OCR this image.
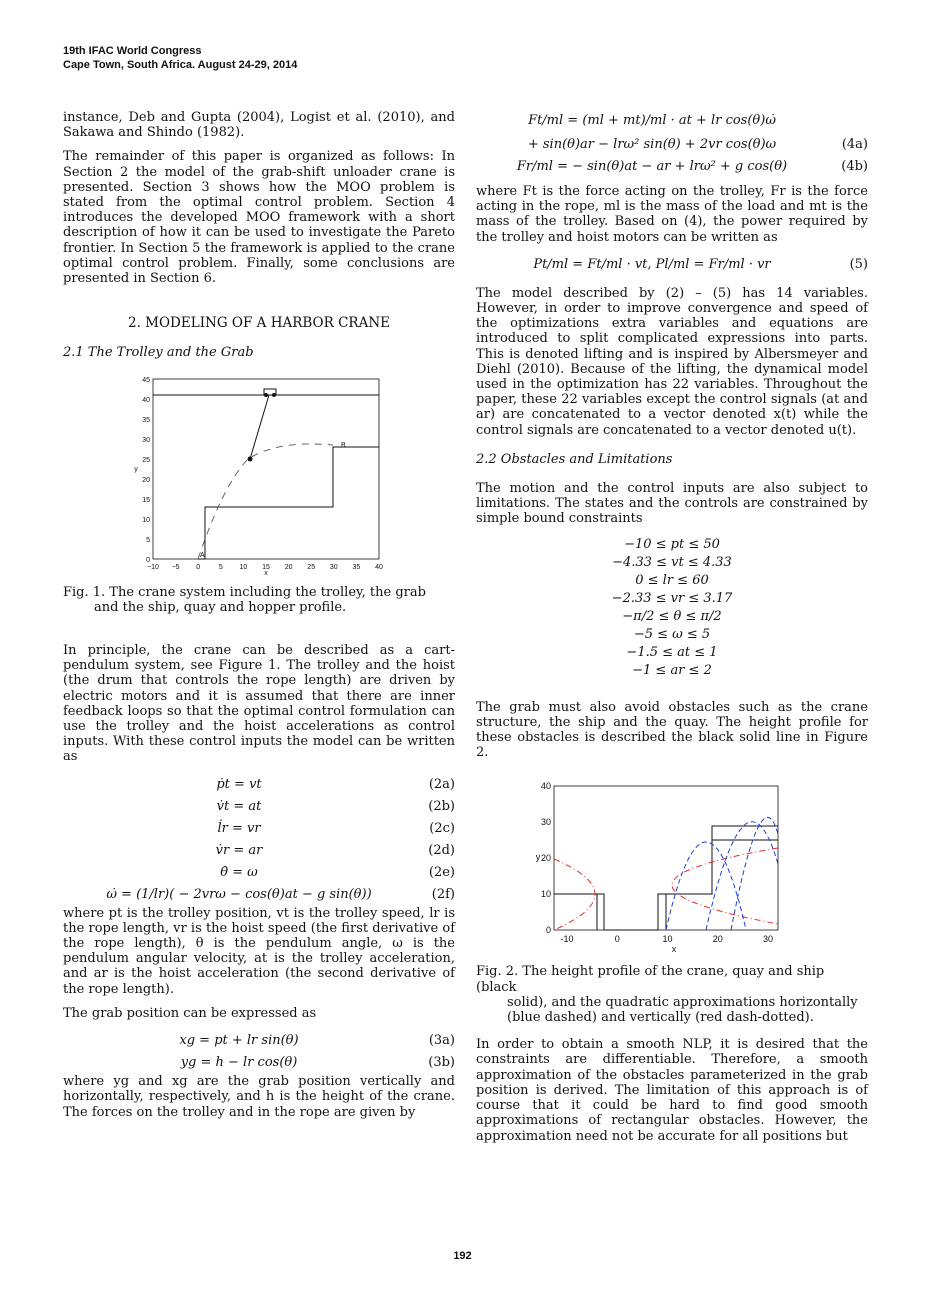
19th IFAC World Congress
Cape Town, South Africa. August 24-29, 2014

instance, Deb and Gupta (2004), Logist et al. (2010), and Sakawa and Shindo (1982).

The remainder of this paper is organized as follows: In Section 2 the model of the grab-shift unloader crane is presented. Section 3 shows how the MOO problem is stated from the optimal control problem. Section 4 introduces the developed MOO framework with a short description of how it can be used to investigate the Pareto frontier. In Section 5 the framework is applied to the crane optimal control problem. Finally, some conclusions are presented in Section 6.

2. MODELING OF A HARBOR CRANE
2.1 The Trolley and the Grab
0
5
10
15
20
25
30
35
40
45
−10 −5 0	5 10 15 20 25 30 35 40
x
y
A
B
Fig. 1. The crane system including the trolley, the grab
and the ship, quay and hopper profile.

In principle, the crane can be described as a cart-pendulum system, see Figure 1. The trolley and the hoist (the drum that controls the rope length) are driven by electric motors and it is assumed that there are inner feedback loops so that the optimal control formulation can use the trolley and the hoist accelerations as control inputs. With these control inputs the model can be written as

ṗt = vt	(2a)
v̇t = at	(2b)
l̇r = vr	(2c)
v̇r = ar	(2d)
θ̇ = ω	(2e)
ω̇ = (1/lr)( − 2vrω − cos(θ)at − g sin(θ))	(2f)

where pt is the trolley position, vt is the trolley speed, lr is the rope length, vr is the hoist speed (the first derivative of the rope length), θ is the pendulum angle, ω is the pendulum angular velocity, at is the trolley acceleration, and ar is the hoist acceleration (the second derivative of the rope length).

The grab position can be expressed as

xg = pt + lr sin(θ)	(3a)
yg = h − lr cos(θ)	(3b)

where yg and xg are the grab position vertically and horizontally, respectively, and h is the height of the crane. The forces on the trolley and in the rope are given by

Ft/ml = (ml + mt)/ml · at + lr cos(θ)ω̇
+ sin(θ)ar − lrω² sin(θ) + 2vr cos(θ)ω	(4a)
Fr/ml = − sin(θ)at − ar + lrω² + g cos(θ)	(4b)

where Ft is the force acting on the trolley, Fr is the force acting in the rope, ml is the mass of the load and mt is the mass of the trolley. Based on (4), the power required by the trolley and hoist motors can be written as

Pt/ml = Ft/ml · vt, Pl/ml = Fr/ml · vr	(5)

The model described by (2) – (5) has 14 variables. However, in order to improve convergence and speed of the optimizations extra variables and equations are introduced to split complicated expressions into parts. This is denoted lifting and is inspired by Albersmeyer and Diehl (2010). Because of the lifting, the dynamical model used in the optimization has 22 variables. Throughout the paper, these 22 variables except the control signals (at and ar) are concatenated to a vector denoted x(t) while the control signals are concatenated to a vector denoted u(t).

2.2 Obstacles and Limitations

The motion and the control inputs are also subject to limitations. The states and the controls are constrained by simple bound constraints

−10 ≤ pt ≤ 50
−4.33 ≤ vt ≤ 4.33
0 ≤ lr ≤ 60
−2.33 ≤ vr ≤ 3.17
−π/2 ≤ θ ≤ π/2
−5 ≤ ω ≤ 5
−1.5 ≤ at ≤ 1
−1 ≤ ar ≤ 2

The grab must also avoid obstacles such as the crane structure, the ship and the quay. The height profile for these obstacles is described the black solid line in Figure 2.

0
10
20
30
40
-10	0	10	20	30
x
y
Fig. 2. The height profile of the crane, quay and ship (black
solid), and the quadratic approximations horizontally
(blue dashed) and vertically (red dash-dotted).

In order to obtain a smooth NLP, it is desired that the constraints are differentiable. Therefore, a smooth approximation of the obstacles parameterized in the grab position is derived. The limitation of this approach is of course that it could be hard to find good smooth approximations of rectangular obstacles. However, the approximation need not be accurate for all positions but

192
